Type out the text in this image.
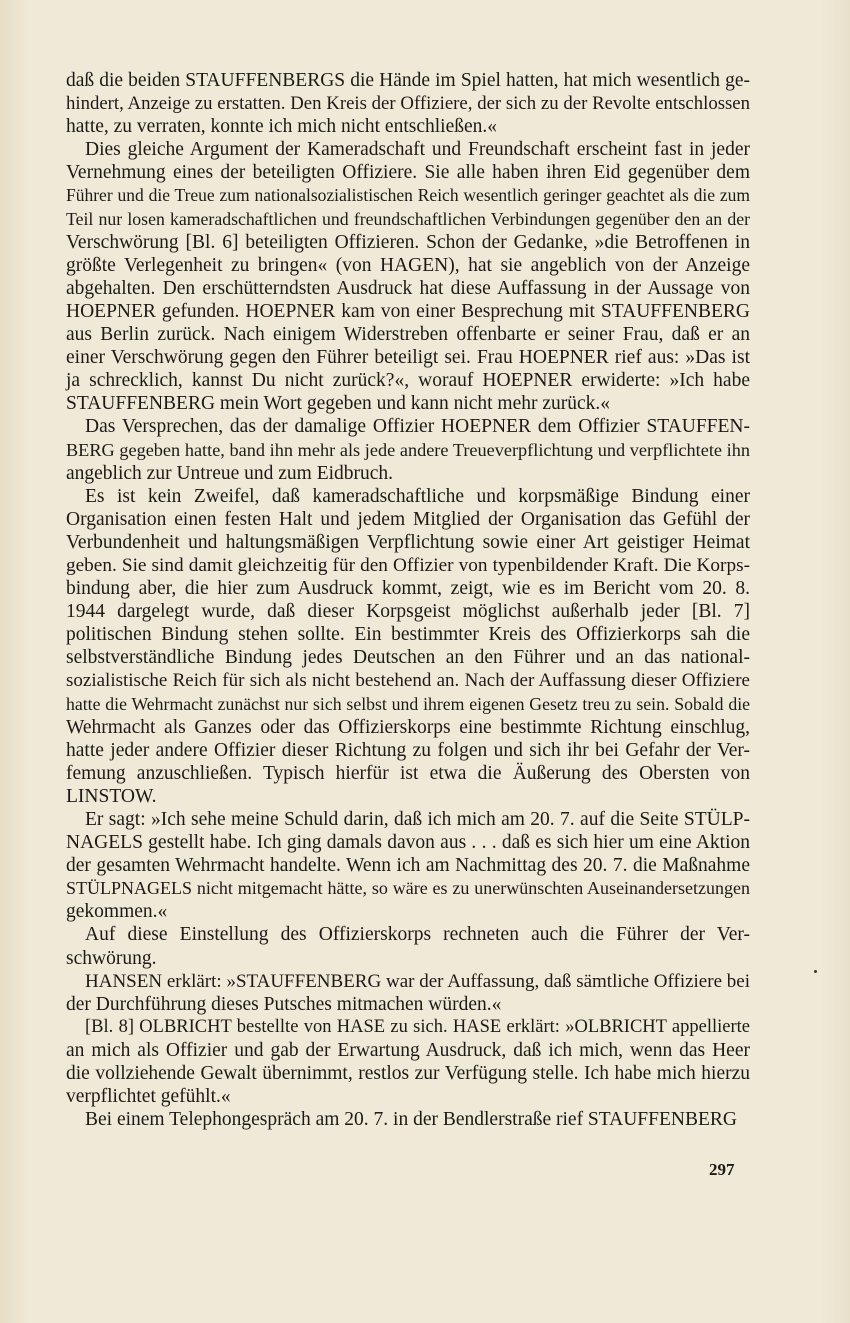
daß die beiden STAUFFENBERGS die Hände im Spiel hatten, hat mich wesentlich ge-
hindert, Anzeige zu erstatten. Den Kreis der Offiziere, der sich zu der Revolte entschlossen
hatte, zu verraten, konnte ich mich nicht entschließen.«

Dies gleiche Argument der Kameradschaft und Freundschaft erscheint fast in jeder
Vernehmung eines der beteiligten Offiziere. Sie alle haben ihren Eid gegenüber dem
Führer und die Treue zum nationalsozialistischen Reich wesentlich geringer geachtet als die zum
Teil nur losen kameradschaftlichen und freundschaftlichen Verbindungen gegenüber den an der
Verschwörung [Bl. 6] beteiligten Offizieren. Schon der Gedanke, »die Betroffenen in
größte Verlegenheit zu bringen« (von HAGEN), hat sie angeblich von der Anzeige
abgehalten. Den erschütterndsten Ausdruck hat diese Auffassung in der Aussage von
HOEPNER gefunden. HOEPNER kam von einer Besprechung mit STAUFFENBERG
aus Berlin zurück. Nach einigem Widerstreben offenbarte er seiner Frau, daß er an
einer Verschwörung gegen den Führer beteiligt sei. Frau HOEPNER rief aus: »Das ist
ja schrecklich, kannst Du nicht zurück?«, worauf HOEPNER erwiderte: »Ich habe
STAUFFENBERG mein Wort gegeben und kann nicht mehr zurück.«

Das Versprechen, das der damalige Offizier HOEPNER dem Offizier STAUFFEN-
BERG gegeben hatte, band ihn mehr als jede andere Treueverpflichtung und verpflichtete ihn
angeblich zur Untreue und zum Eidbruch.

Es ist kein Zweifel, daß kameradschaftliche und korpsmäßige Bindung einer
Organisation einen festen Halt und jedem Mitglied der Organisation das Gefühl der
Verbundenheit und haltungsmäßigen Verpflichtung sowie einer Art geistiger Heimat
geben. Sie sind damit gleichzeitig für den Offizier von typenbildender Kraft. Die Korps-
bindung aber, die hier zum Ausdruck kommt, zeigt, wie es im Bericht vom 20. 8.
1944 dargelegt wurde, daß dieser Korpsgeist möglichst außerhalb jeder [Bl. 7]
politischen Bindung stehen sollte. Ein bestimmter Kreis des Offizierkorps sah die
selbstverständliche Bindung jedes Deutschen an den Führer und an das national-
sozialistische Reich für sich als nicht bestehend an. Nach der Auffassung dieser Offiziere
hatte die Wehrmacht zunächst nur sich selbst und ihrem eigenen Gesetz treu zu sein. Sobald die
Wehrmacht als Ganzes oder das Offizierskorps eine bestimmte Richtung einschlug,
hatte jeder andere Offizier dieser Richtung zu folgen und sich ihr bei Gefahr der Ver-
femung anzuschließen. Typisch hierfür ist etwa die Äußerung des Obersten von
LINSTOW.

Er sagt: »Ich sehe meine Schuld darin, daß ich mich am 20. 7. auf die Seite STÜLP-
NAGELS gestellt habe. Ich ging damals davon aus . . . daß es sich hier um eine Aktion
der gesamten Wehrmacht handelte. Wenn ich am Nachmittag des 20. 7. die Maßnahme
STÜLPNAGELS nicht mitgemacht hätte, so wäre es zu unerwünschten Auseinandersetzungen
gekommen.«

Auf diese Einstellung des Offizierskorps rechneten auch die Führer der Ver-
schwörung.

HANSEN erklärt: »STAUFFENBERG war der Auffassung, daß sämtliche Offiziere bei
der Durchführung dieses Putsches mitmachen würden.«

[Bl. 8] OLBRICHT bestellte von HASE zu sich. HASE erklärt: »OLBRICHT appellierte
an mich als Offizier und gab der Erwartung Ausdruck, daß ich mich, wenn das Heer
die vollziehende Gewalt übernimmt, restlos zur Verfügung stelle. Ich habe mich hierzu
verpflichtet gefühlt.«

Bei einem Telephongespräch am 20. 7. in der Bendlerstraße rief STAUFFENBERG

297
